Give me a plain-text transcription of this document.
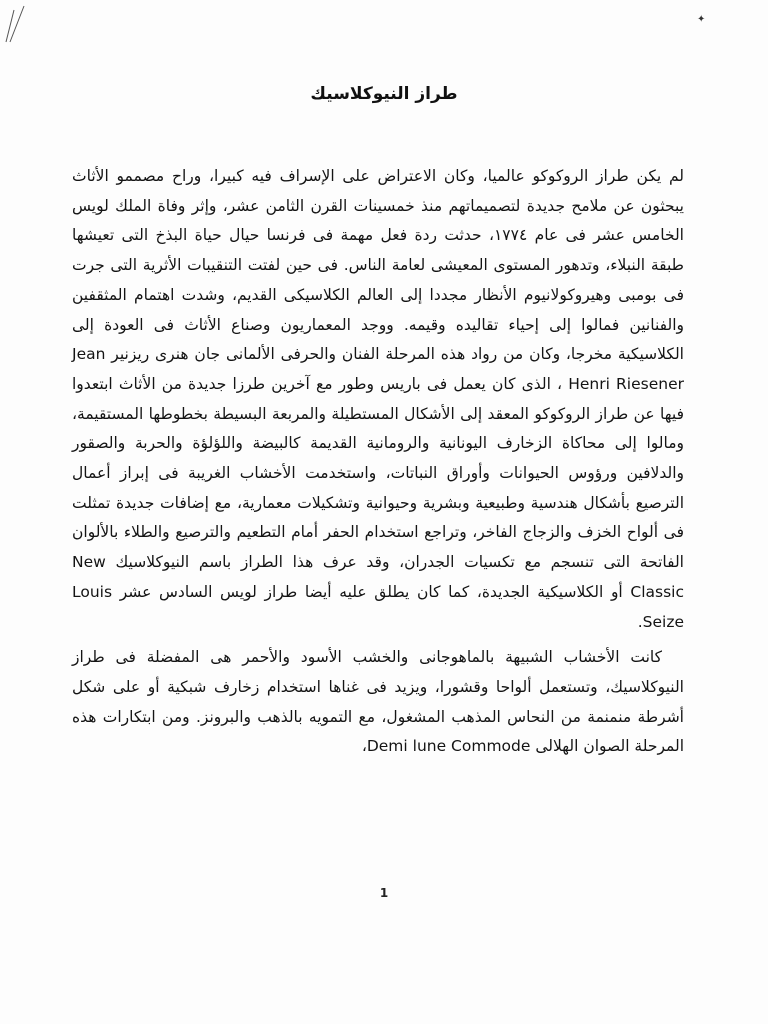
✦
طراز النيوكلاسيك

لم يكن طراز الروكوكو عالميا، وكان الاعتراض على الإسراف فيه كبيرا، وراح مصممو الأثاث يبحثون عن ملامح جديدة لتصميماتهم منذ خمسينات القرن الثامن عشر، وإثر وفاة الملك لويس الخامس عشر فى عام ١٧٧٤، حدثت ردة فعل مهمة فى فرنسا حيال حياة البذخ التى تعيشها طبقة النبلاء، وتدهور المستوى المعيشى لعامة الناس. فى حين لفتت التنقيبات الأثرية التى جرت فى بومبى وهيروكولانيوم الأنظار مجددا إلى العالم الكلاسيكى القديم، وشدت اهتمام المثقفين والفنانين فمالوا إلى إحياء تقاليده وقيمه. ووجد المعماريون وصناع الأثاث فى العودة إلى الكلاسيكية مخرجا، وكان من رواد هذه المرحلة الفنان والحرفى الألمانى جان هنرى ريزنير Jean Henri Riesener ، الذى كان يعمل فى باريس وطور مع آخرين طرزا جديدة من الأثاث ابتعدوا فيها عن طراز الروكوكو المعقد إلى الأشكال المستطيلة والمربعة البسيطة بخطوطها المستقيمة، ومالوا إلى محاكاة الزخارف اليونانية والرومانية القديمة كالبيضة واللؤلؤة والحربة والصقور والدلافين ورؤوس الحيوانات وأوراق النباتات، واستخدمت الأخشاب الغريبة فى إبراز أعمال الترصيع بأشكال هندسية وطبيعية وبشرية وحيوانية وتشكيلات معمارية، مع إضافات جديدة تمثلت فى ألواح الخزف والزجاج الفاخر، وتراجع استخدام الحفر أمام التطعيم والترصيع والطلاء بالألوان الفاتحة التى تنسجم مع تكسيات الجدران، وقد عرف هذا الطراز باسم النيوكلاسيك New Classic أو الكلاسيكية الجديدة، كما كان يطلق عليه أيضا طراز لويس السادس عشر Louis Seize.

كانت الأخشاب الشبيهة بالماهوجانى والخشب الأسود والأحمر هى المفضلة فى طراز النيوكلاسيك، وتستعمل ألواحا وقشورا، ويزيد فى غناها استخدام زخارف شبكية أو على شكل أشرطة منمنمة من النحاس المذهب المشغول، مع التمويه بالذهب والبرونز. ومن ابتكارات هذه المرحلة الصوان الهلالى Demi lune Commode،

1
